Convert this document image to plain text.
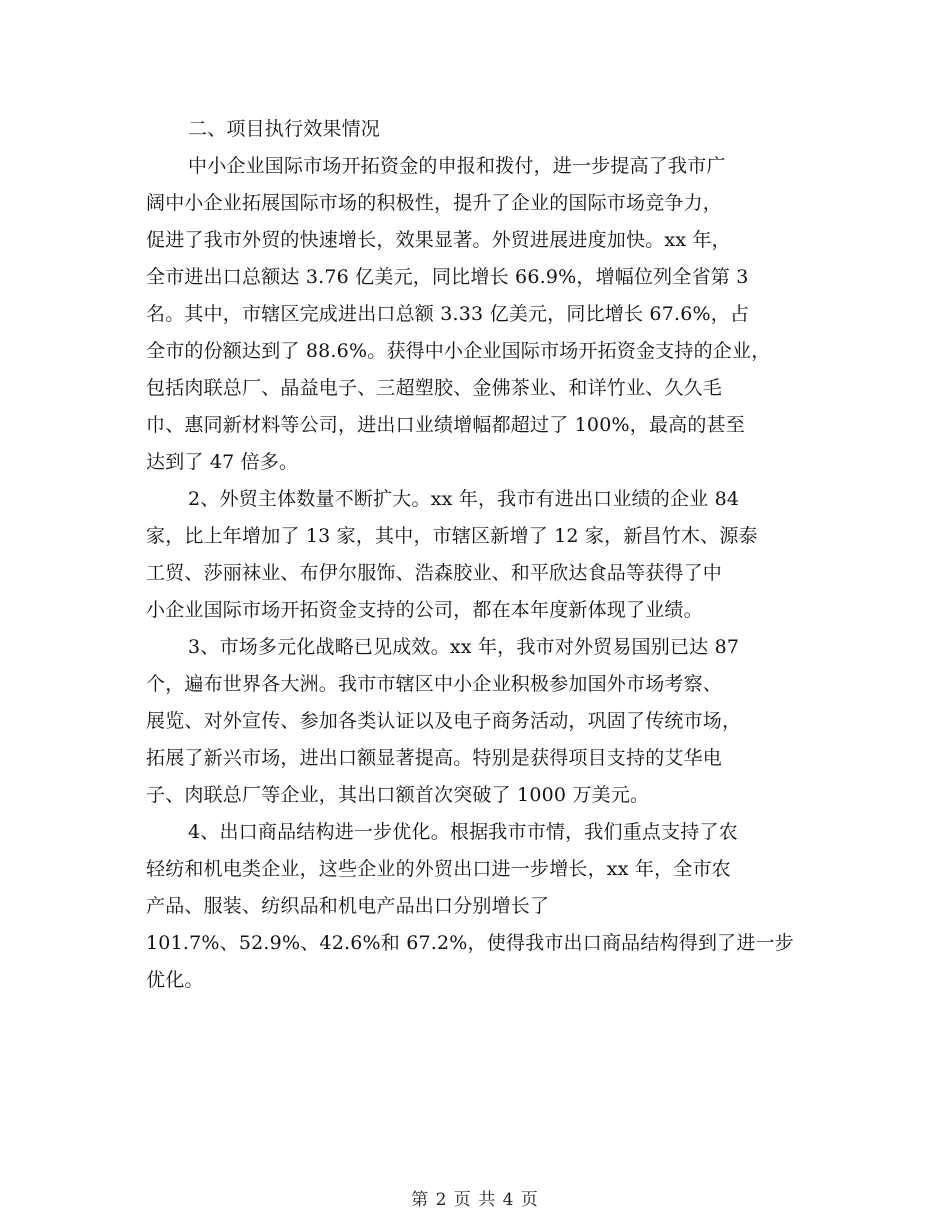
二、项目执行效果情况
中小企业国际市场开拓资金的申报和拨付，进一步提高了我市广
阔中小企业拓展国际市场的积极性，提升了企业的国际市场竞争力，
促进了我市外贸的快速增长，效果显著。外贸进展进度加快。xx 年，
全市进出口总额达 3.76 亿美元，同比增长 66.9%，增幅位列全省第 3
名。其中，市辖区完成进出口总额 3.33 亿美元，同比增长 67.6%，占
全市的份额达到了 88.6%。获得中小企业国际市场开拓资金支持的企业，
包括肉联总厂、晶益电子、三超塑胶、金佛茶业、和详竹业、久久毛
巾、惠同新材料等公司，进出口业绩增幅都超过了 100%，最高的甚至
达到了 47 倍多。
2、外贸主体数量不断扩大。xx 年，我市有进出口业绩的企业 84
家，比上年增加了 13 家，其中，市辖区新增了 12 家，新昌竹木、源泰
工贸、莎丽袜业、布伊尔服饰、浩森胶业、和平欣达食品等获得了中
小企业国际市场开拓资金支持的公司，都在本年度新体现了业绩。
3、市场多元化战略已见成效。xx 年，我市对外贸易国别已达 87
个，遍布世界各大洲。我市市辖区中小企业积极参加国外市场考察、
展览、对外宣传、参加各类认证以及电子商务活动，巩固了传统市场，
拓展了新兴市场，进出口额显著提高。特别是获得项目支持的艾华电
子、肉联总厂等企业，其出口额首次突破了 1000 万美元。
4、出口商品结构进一步优化。根据我市市情，我们重点支持了农
轻纺和机电类企业，这些企业的外贸出口进一步增长，xx 年，全市农
产品、服装、纺织品和机电产品出口分别增长了
101.7%、52.9%、42.6%和 67.2%，使得我市出口商品结构得到了进一步
优化。
第 2 页 共 4 页
